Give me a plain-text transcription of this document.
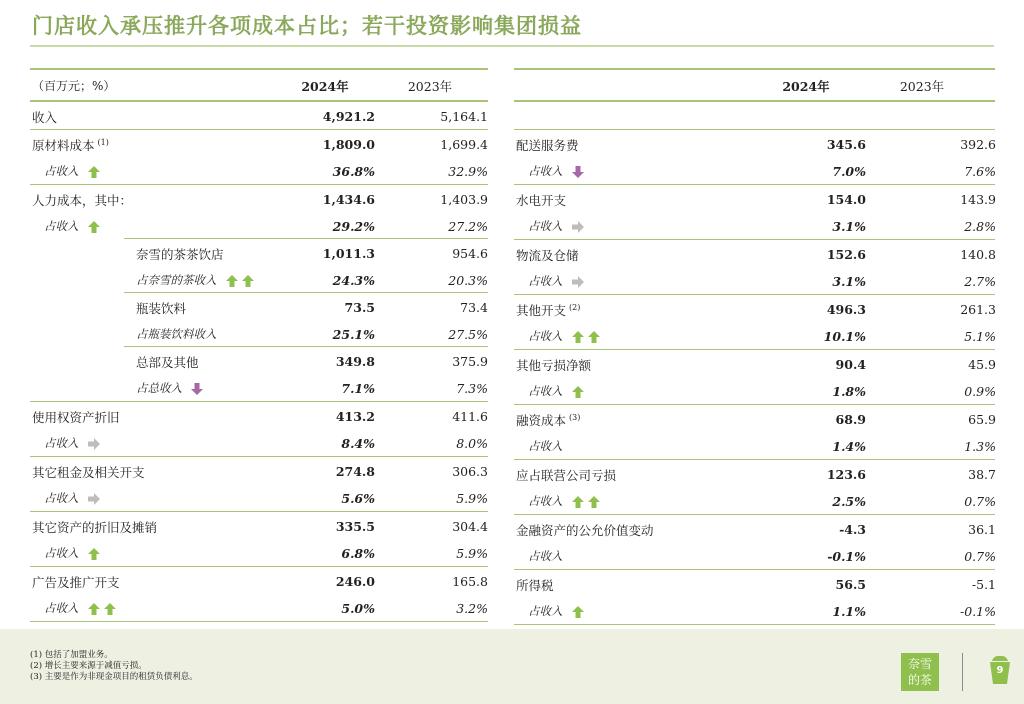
门店收入承压推升各项成本占比；若干投资影响集团损益
（百万元；%）	2024年	2023年
收入	4,921.2	5,164.1
原材料成本 $^{(1)}$	1,809.0	1,699.4
占收入	36.8%	32.9%
人力成本，其中：	1,434.6	1,403.9
占收入	29.2%	27.2%
奈雪的茶茶饮店	1,011.3	954.6
占奈雪的茶收入	24.3%	20.3%
瓶装饮料	73.5	73.4
占瓶装饮料收入	25.1%	27.5%
总部及其他	349.8	375.9
占总收入	7.1%	7.3%
使用权资产折旧	413.2	411.6
占收入	8.4%	8.0%
其它租金及相关开支	274.8	306.3
占收入	5.6%	5.9%
其它资产的折旧及摊销	335.5	304.4
占收入	6.8%	5.9%
广告及推广开支	246.0	165.8
占收入	5.0%	3.2%
2024年	2023年
配送服务费	345.6	392.6
占收入	7.0%	7.6%
水电开支	154.0	143.9
占收入	3.1%	2.8%
物流及仓储	152.6	140.8
占收入	3.1%	2.7%
其他开支 $^{(2)}$	496.3	261.3
占收入	10.1%	5.1%
其他亏损净额	90.4	45.9
占收入	1.8%	0.9%
融资成本 $^{(3)}$	68.9	65.9
占收入	1.4%	1.3%
应占联营公司亏损	123.6	38.7
占收入	2.5%	0.7%
金融资产的公允价值变动	-4.3	36.1
占收入	-0.1%	0.7%
所得税	56.5	-5.1
占收入	1.1%	-0.1%
(1) 包括了加盟业务。
(2) 增长主要来源于减值亏损。
(3) 主要是作为非现金项目的租赁负债利息。
奈雪
的茶
9
